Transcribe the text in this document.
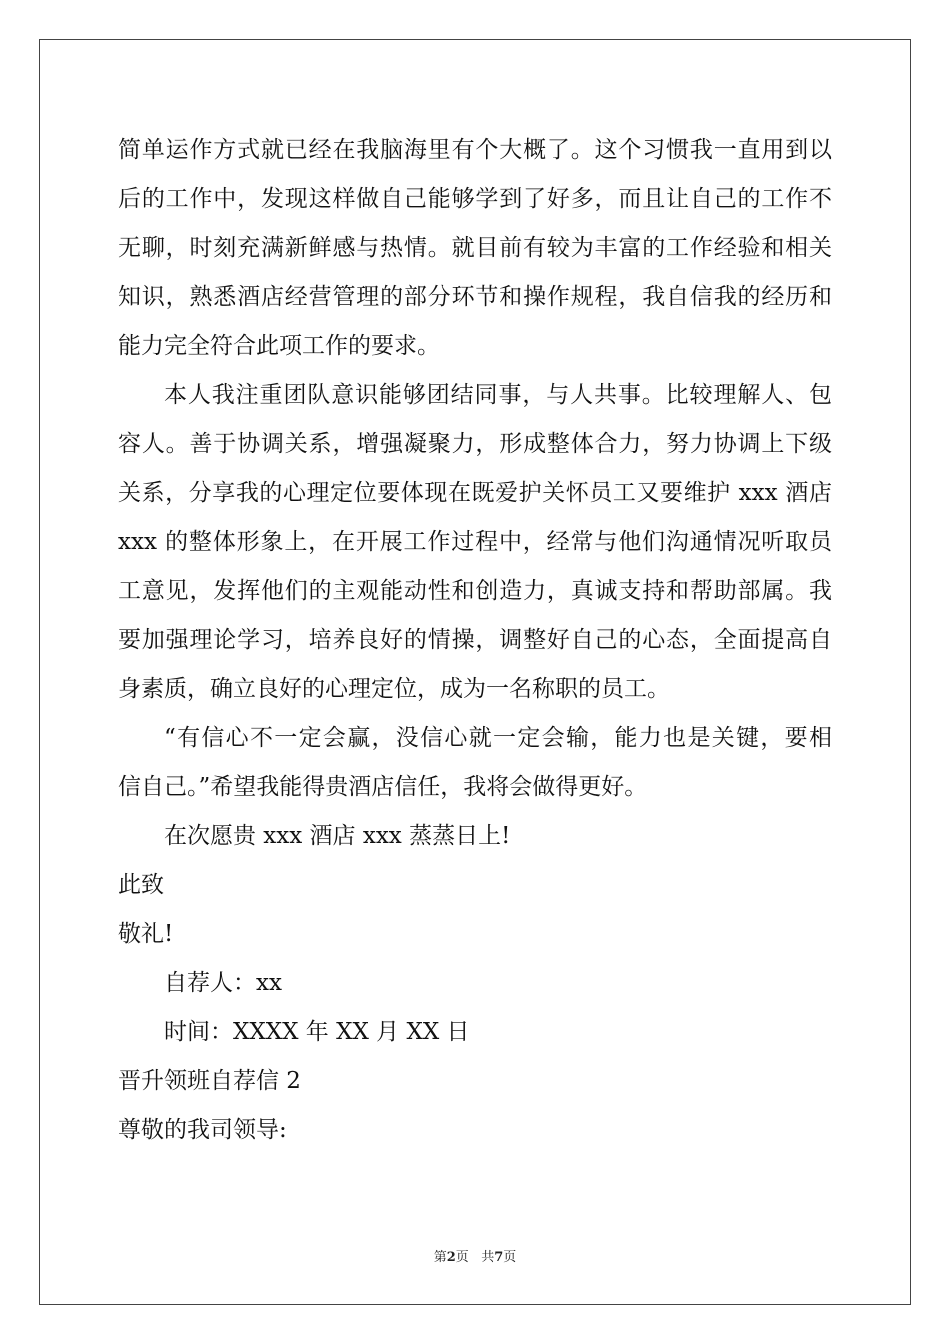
简单运作方式就已经在我脑海里有个大概了。这个习惯我一直用到以
后的工作中，发现这样做自己能够学到了好多，而且让自己的工作不
无聊，时刻充满新鲜感与热情。就目前有较为丰富的工作经验和相关
知识，熟悉酒店经营管理的部分环节和操作规程，我自信我的经历和
能力完全符合此项工作的要求。
本人我注重团队意识能够团结同事，与人共事。比较理解人、包
容人。善于协调关系，增强凝聚力，形成整体合力，努力协调上下级
关系，分享我的心理定位要体现在既爱护关怀员工又要维护 xxx 酒店
xxx 的整体形象上，在开展工作过程中，经常与他们沟通情况听取员
工意见，发挥他们的主观能动性和创造力，真诚支持和帮助部属。我
要加强理论学习，培养良好的情操，调整好自己的心态，全面提高自
身素质，确立良好的心理定位，成为一名称职的员工。
“有信心不一定会赢，没信心就一定会输，能力也是关键，要相
信自己。”希望我能得贵酒店信任，我将会做得更好。
在次愿贵 xxx 酒店 xxx 蒸蒸日上!
此致
敬礼!
自荐人：xx
时间：XXXX 年 XX 月 XX 日
晋升领班自荐信 2
尊敬的我司领导:
第2页   共7页
